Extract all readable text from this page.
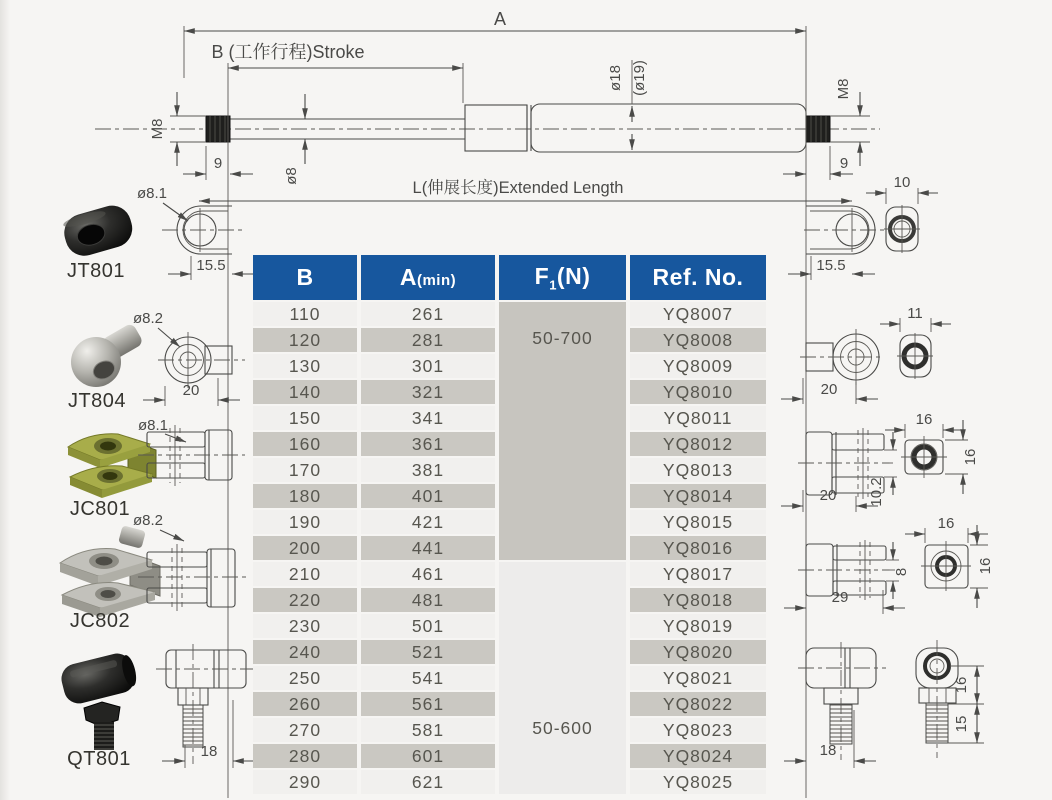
A
B (工作行程)Stroke
M8
9
ø8
ø18 (ø19)	M8
9
L(伸展长度)Extended Length
15.5	15.5
10
JT801
ø8.1
JT804
ø8.2
20
JC801
ø8.1
JC802
ø8.2
QT801	18
20
11
20 10.2
16
16
29
8
16
16
18
16
15
B	A(min)	$F_1(N)$	Ref. No.
110	261	50-700	YQ8007
120	281		YQ8008
130	301		YQ8009
140	321		YQ8010
150	341		YQ8011
160	361		YQ8012
170	381		YQ8013
180	401		YQ8014
190	421		YQ8015
200	441		YQ8016
210	461	50-600	YQ8017
220	481		YQ8018
230	501		YQ8019
240	521		YQ8020
250	541		YQ8021
260	561		YQ8022
270	581		YQ8023
280	601		YQ8024
290	621		YQ8025
